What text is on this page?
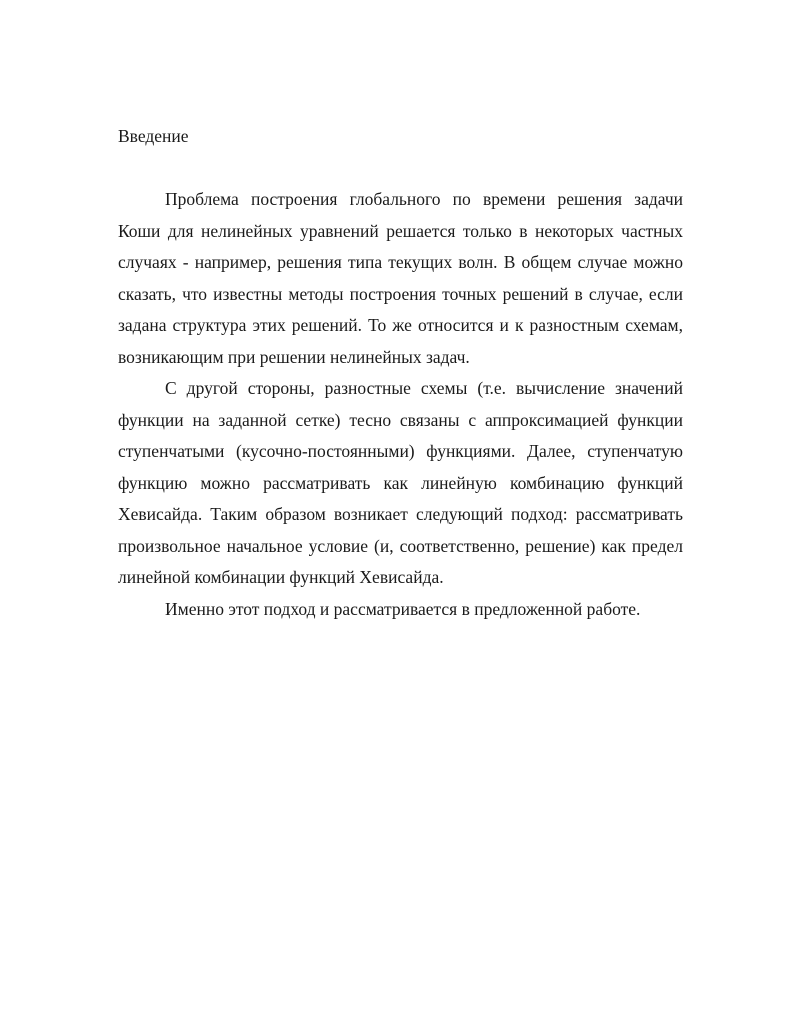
Введение

Проблема построения глобального по времени решения задачи Коши для нелинейных уравнений решается только в некоторых частных случаях - например, решения типа текущих волн. В общем случае можно сказать, что известны методы построения точных решений в случае, если задана структура этих решений. То же относится и к разностным схемам, возникающим при решении нелинейных задач.

С другой стороны, разностные схемы (т.е. вычисление значений функции на заданной сетке) тесно связаны с аппроксимацией функции ступенчатыми (кусочно-постоянными) функциями. Далее, ступенчатую функцию можно рассматривать как линейную комбинацию функций Хевисайда. Таким образом возникает следующий подход: рассматривать произвольное начальное условие (и, соответственно, решение) как предел линейной комбинации функций Хевисайда.

Именно этот подход и рассматривается в предложенной работе.
